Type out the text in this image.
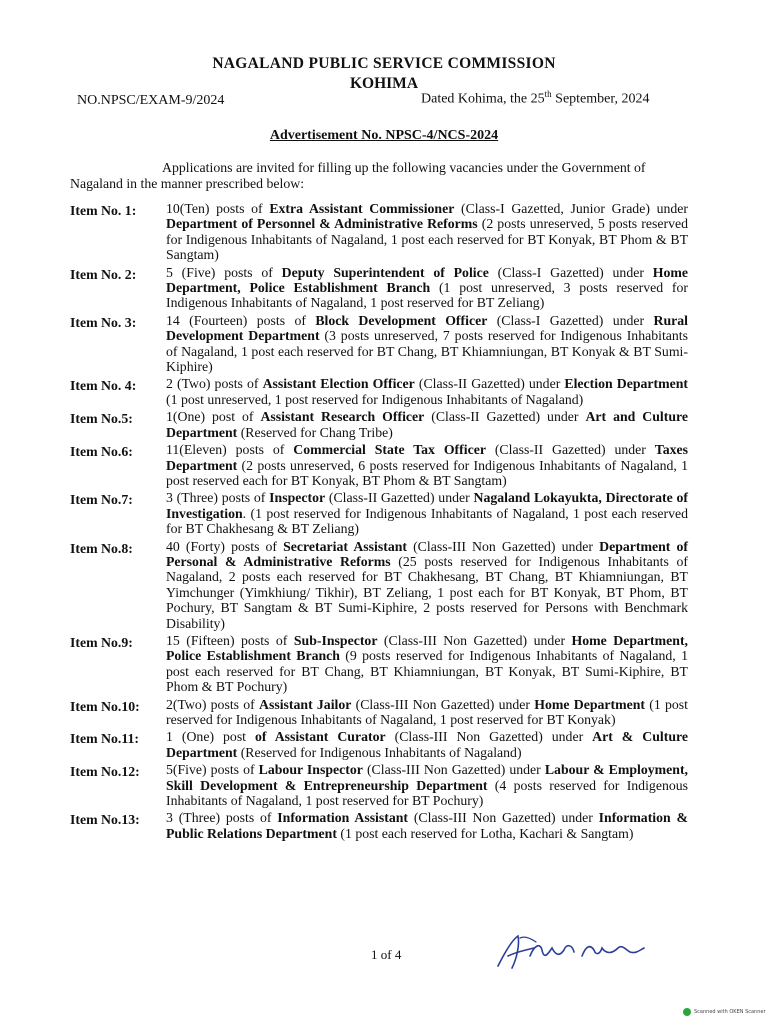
NAGALAND PUBLIC SERVICE COMMISSION
KOHIMA
NO.NPSC/EXAM-9/2024	Dated Kohima, the 25th September, 2024
Advertisement No. NPSC-4/NCS-2024
Applications are invited for filling up the following vacancies under the Government of Nagaland in the manner prescribed below:
Item No. 1:	10(Ten) posts of Extra Assistant Commissioner (Class-I Gazetted, Junior Grade) under Department of Personnel & Administrative Reforms (2 posts unreserved, 5 posts reserved for Indigenous Inhabitants of Nagaland, 1 post each reserved for BT Konyak, BT Phom & BT Sangtam)
Item No. 2:	5 (Five) posts of Deputy Superintendent of Police (Class-I Gazetted) under Home Department, Police Establishment Branch (1 post unreserved, 3 posts reserved for Indigenous Inhabitants of Nagaland, 1 post reserved for BT Zeliang)
Item No. 3:	14 (Fourteen) posts of Block Development Officer (Class-I Gazetted) under Rural Development Department (3 posts unreserved, 7 posts reserved for Indigenous Inhabitants of Nagaland, 1 post each reserved for BT Chang, BT Khiamniungan, BT Konyak & BT Sumi-Kiphire)
Item No. 4:	2 (Two) posts of Assistant Election Officer (Class-II Gazetted) under Election Department (1 post unreserved, 1 post reserved for Indigenous Inhabitants of Nagaland)
Item No.5:	1(One) post of Assistant Research Officer (Class-II Gazetted) under Art and Culture Department (Reserved for Chang Tribe)
Item No.6:	11(Eleven) posts of Commercial State Tax Officer (Class-II Gazetted) under Taxes Department (2 posts unreserved, 6 posts reserved for Indigenous Inhabitants of Nagaland, 1 post reserved each for BT Konyak, BT Phom & BT Sangtam)
Item No.7:	3 (Three) posts of Inspector (Class-II Gazetted) under Nagaland Lokayukta, Directorate of Investigation. (1 post reserved for Indigenous Inhabitants of Nagaland, 1 post each reserved for BT Chakhesang & BT Zeliang)
Item No.8:	40 (Forty) posts of Secretariat Assistant (Class-III Non Gazetted) under Department of Personal & Administrative Reforms (25 posts reserved for Indigenous Inhabitants of Nagaland, 2 posts each reserved for BT Chakhesang, BT Chang, BT Khiamniungan, BT Yimchunger (Yimkhiung/ Tikhir), BT Zeliang, 1 post each for BT Konyak, BT Phom, BT Pochury, BT Sangtam & BT Sumi-Kiphire, 2 posts reserved for Persons with Benchmark Disability)
Item No.9:	15 (Fifteen) posts of Sub-Inspector (Class-III Non Gazetted) under Home Department, Police Establishment Branch (9 posts reserved for Indigenous Inhabitants of Nagaland, 1 post each reserved for BT Chang, BT Khiamniungan, BT Konyak, BT Sumi-Kiphire, BT Phom & BT Pochury)
Item No.10:	2(Two) posts of Assistant Jailor (Class-III Non Gazetted) under Home Department (1 post reserved for Indigenous Inhabitants of Nagaland, 1 post reserved for BT Konyak)
Item No.11:	1 (One) post of Assistant Curator (Class-III Non Gazetted) under Art & Culture Department (Reserved for Indigenous Inhabitants of Nagaland)
Item No.12:	5(Five) posts of Labour Inspector (Class-III Non Gazetted) under Labour & Employment, Skill Development & Entrepreneurship Department (4 posts reserved for Indigenous Inhabitants of Nagaland, 1 post reserved for BT Pochury)
Item No.13:	3 (Three) posts of Information Assistant (Class-III Non Gazetted) under Information & Public Relations Department (1 post each reserved for Lotha, Kachari & Sangtam)
1 of 4
Scanned with OKEN Scanner
